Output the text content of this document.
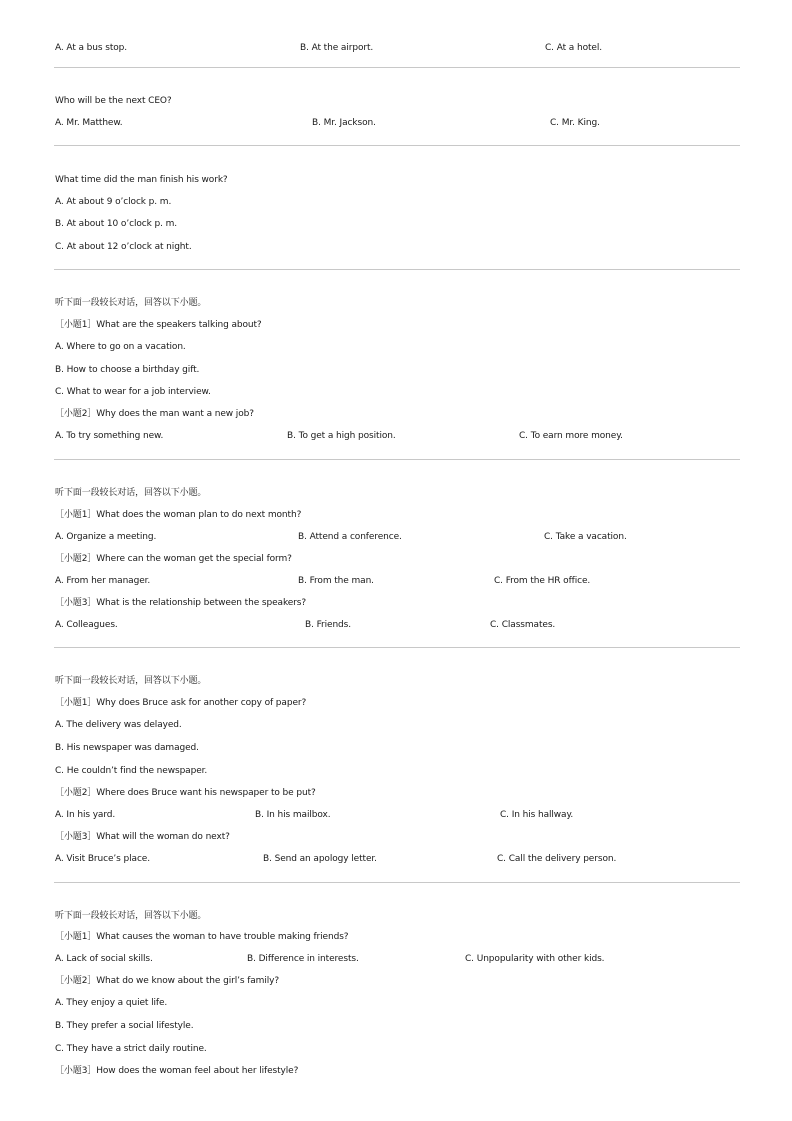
A. At a bus stop.	B. At the airport.	C. At a hotel.
Who will be the next CEO?
A. Mr. Matthew.	B. Mr. Jackson.	C. Mr. King.
What time did the man finish his work?
A. At about 9 o’clock p. m.
B. At about 10 o’clock p. m.
C. At about 12 o’clock at night.
听下面一段较长对话，回答以下小题。
［小题1］What are the speakers talking about?
A. Where to go on a vacation.
B. How to choose a birthday gift.
C. What to wear for a job interview.
［小题2］Why does the man want a new job?
A. To try something new.	B. To get a high position.	C. To earn more money.
听下面一段较长对话，回答以下小题。
［小题1］What does the woman plan to do next month?
A. Organize a meeting.	B. Attend a conference.	C. Take a vacation.
［小题2］Where can the woman get the special form?
A. From her manager.	B. From the man.	C. From the HR office.
［小题3］What is the relationship between the speakers?
A. Colleagues.	B. Friends.	C. Classmates.
听下面一段较长对话，回答以下小题。
［小题1］Why does Bruce ask for another copy of paper?
A. The delivery was delayed.
B. His newspaper was damaged.
C. He couldn’t find the newspaper.
［小题2］Where does Bruce want his newspaper to be put?
A. In his yard.	B. In his mailbox.	C. In his hallway.
［小题3］What will the woman do next?
A. Visit Bruce’s place.	B. Send an apology letter.	C. Call the delivery person.
听下面一段较长对话，回答以下小题。
［小题1］What causes the woman to have trouble making friends?
A. Lack of social skills.	B. Difference in interests.	C. Unpopularity with other kids.
［小题2］What do we know about the girl’s family?
A. They enjoy a quiet life.
B. They prefer a social lifestyle.
C. They have a strict daily routine.
［小题3］How does the woman feel about her lifestyle?
